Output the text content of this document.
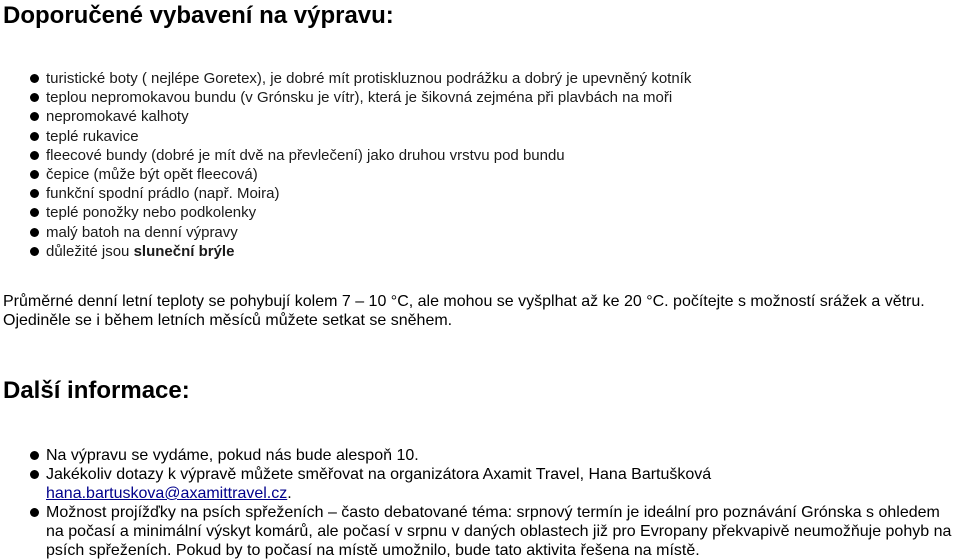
Doporučené vybavení na výpravu:
turistické boty ( nejlépe Goretex), je dobré mít protiskluznou podrážku a dobrý je upevněný kotník
teplou nepromokavou bundu (v Grónsku je vítr), která je šikovná zejména při plavbách na moři
nepromokavé kalhoty
teplé rukavice
fleecové bundy (dobré je mít dvě na převlečení) jako druhou vrstvu pod bundu
čepice (může být opět fleecová)
funkční spodní prádlo (např. Moira)
teplé ponožky nebo podkolenky
malý batoh na denní výpravy
důležité jsou sluneční brýle

Průměrné denní letní teploty se pohybují kolem 7 – 10 °C, ale mohou se vyšplhat až ke 20 °C. počítejte s možností srážek a větru. Ojediněle se i během letních měsíců můžete setkat se sněhem.

Další informace:
Na výpravu se vydáme, pokud nás bude alespoň 10.
Jakékoliv dotazy k výpravě můžete směřovat na organizátora Axamit Travel, Hana Bartušková hana.bartuskova@axamittravel.cz.
Možnost projížďky na psích spřeženích – často debatované téma: srpnový termín je ideální pro poznávání Grónska s ohledem na počasí a minimální výskyt komárů, ale počasí v srpnu v daných oblastech již pro Evropany překvapivě neumožňuje pohyb na psích spřeženích. Pokud by to počasí na místě umožnilo, bude tato aktivita řešena na místě.
